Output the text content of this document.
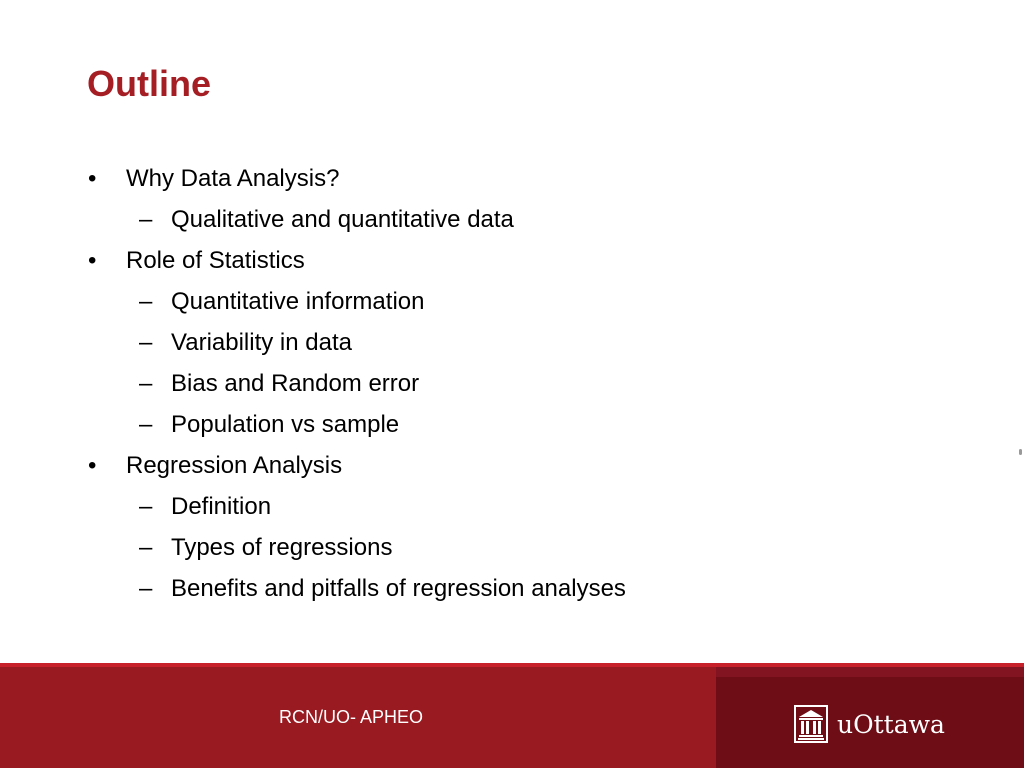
Outline
• Why Data Analysis?
– Qualitative and quantitative data
• Role of Statistics
– Quantitative information
– Variability in data
– Bias and Random error
– Population vs sample
• Regression Analysis
– Definition
– Types of regressions
– Benefits and pitfalls of regression analyses
RCN/UO- APHEO	uOttawa
